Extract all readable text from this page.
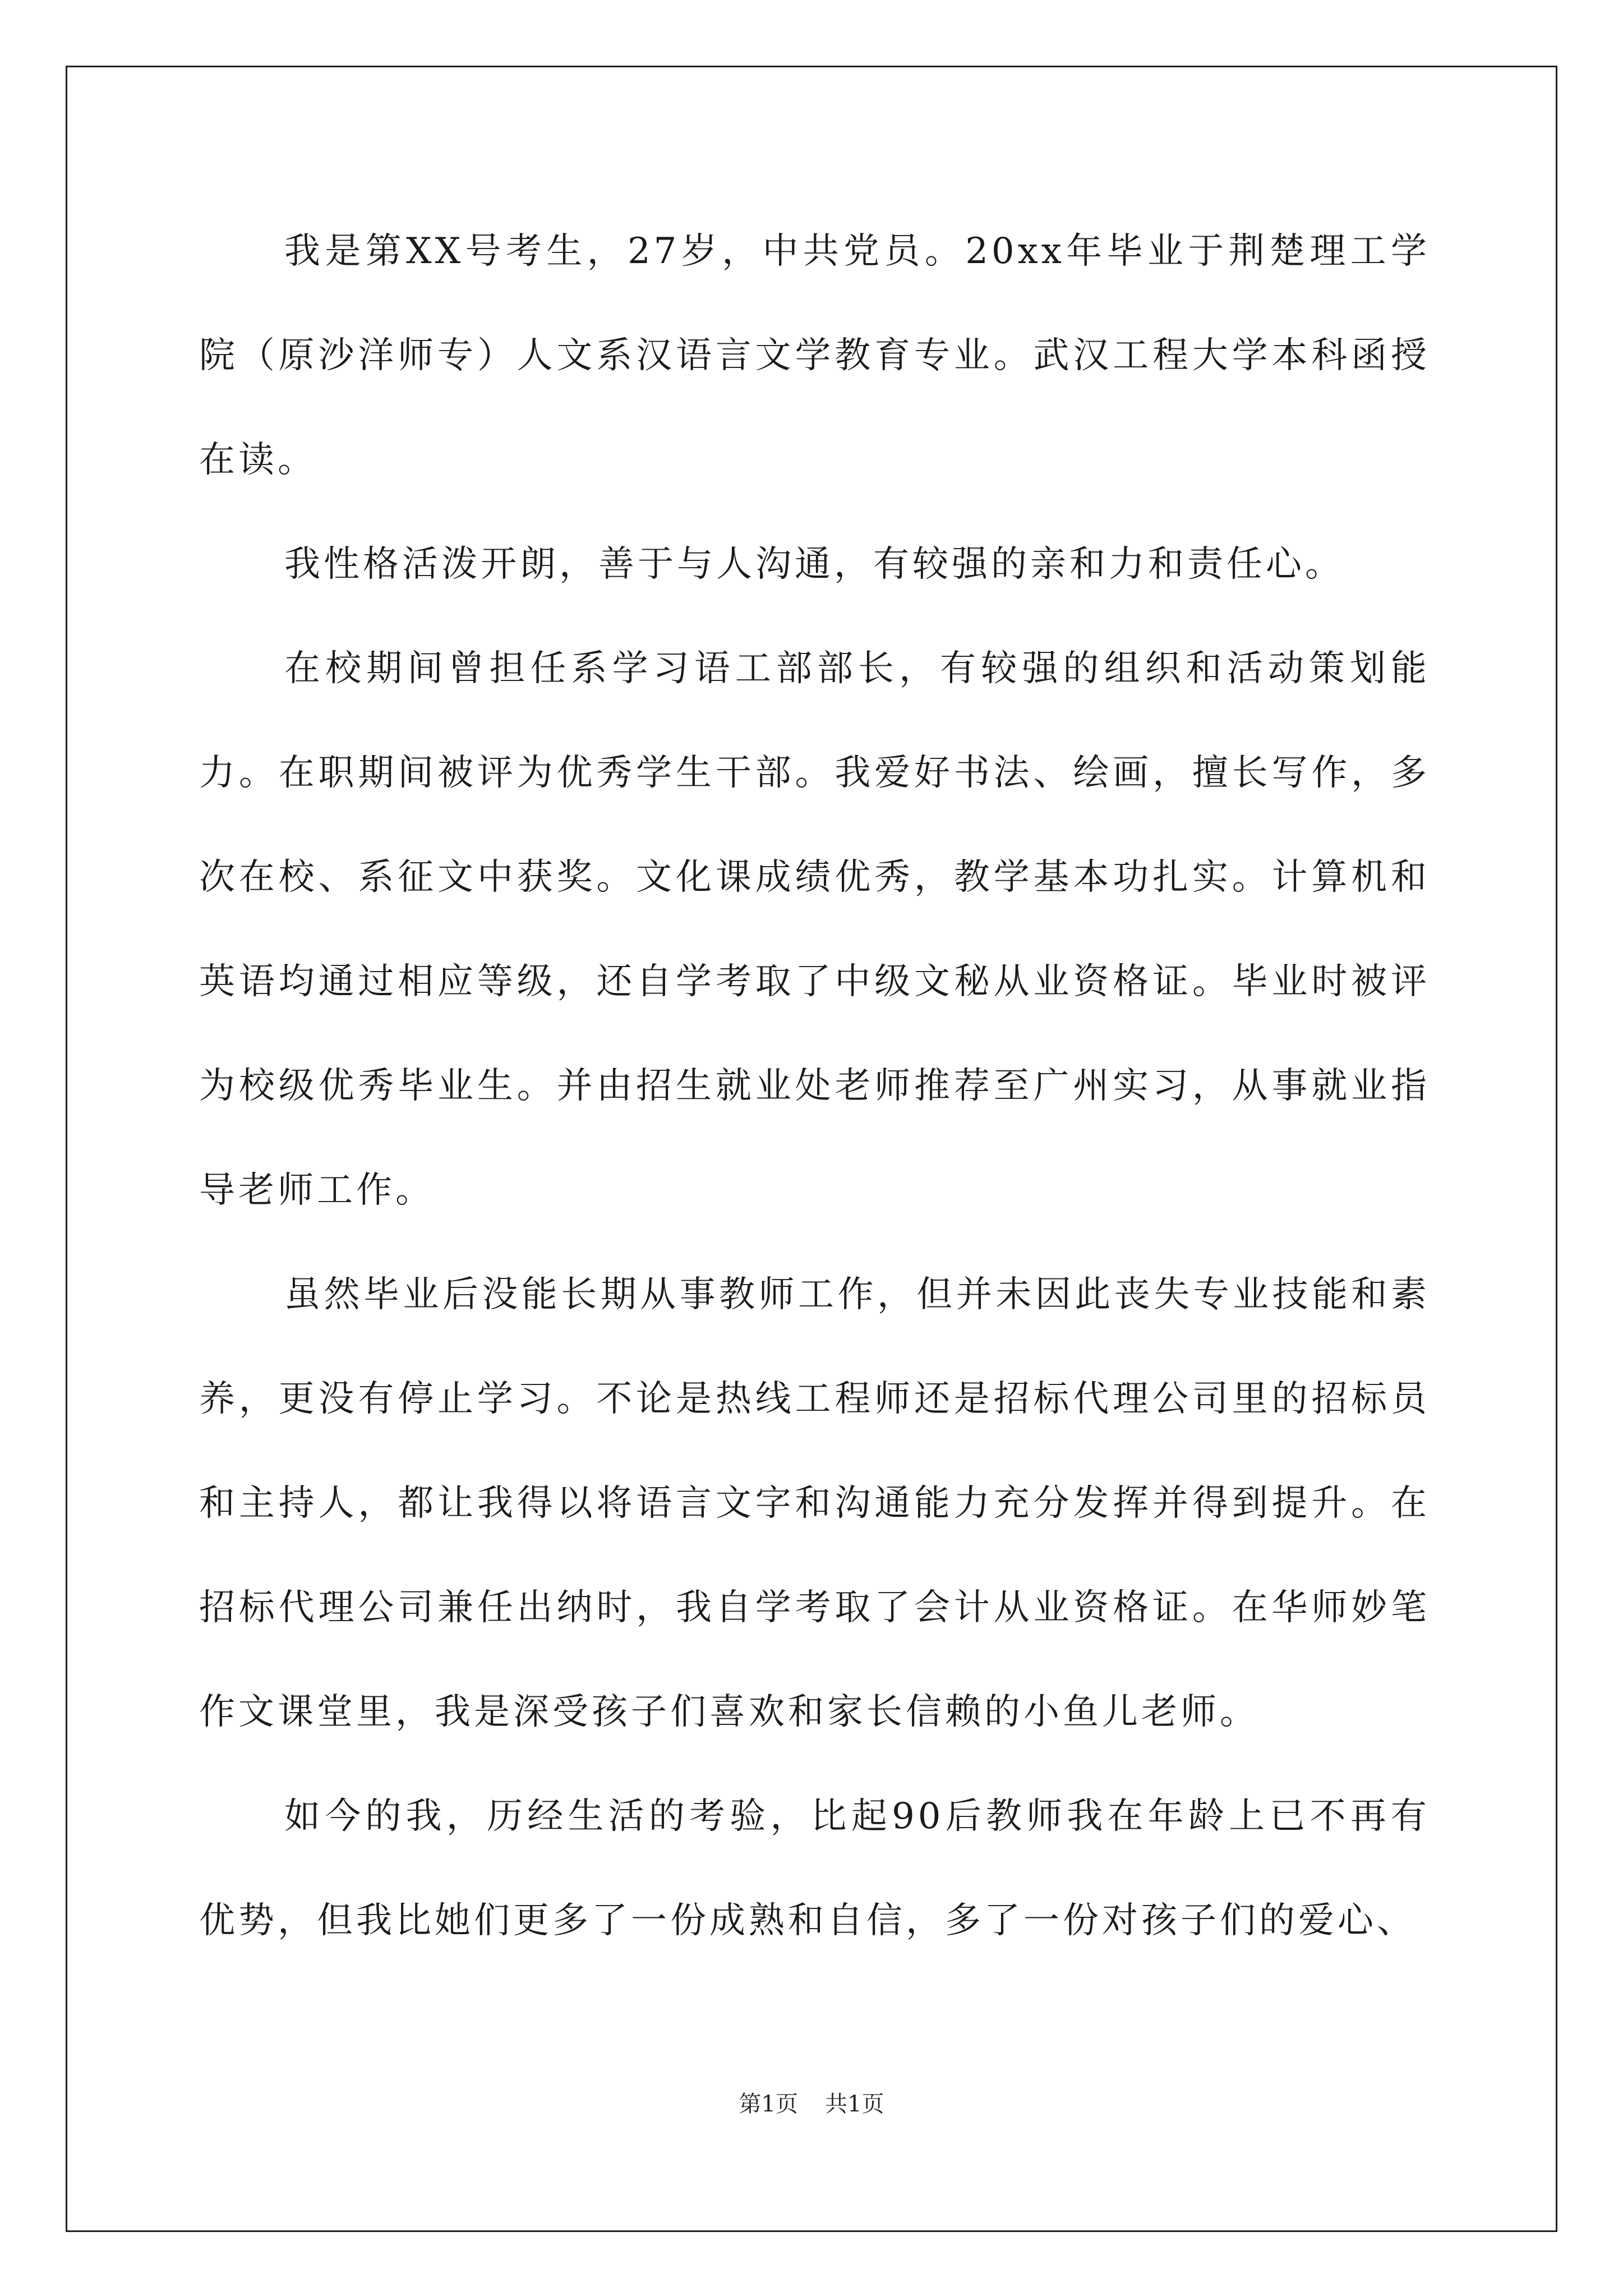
我是第XX号考生，27岁，中共党员。20xx年毕业于荆楚理工学院（原沙洋师专）人文系汉语言文学教育专业。武汉工程大学本科函授在读。

我性格活泼开朗，善于与人沟通，有较强的亲和力和责任心。

在校期间曾担任系学习语工部部长，有较强的组织和活动策划能力。在职期间被评为优秀学生干部。我爱好书法、绘画，擅长写作，多次在校、系征文中获奖。文化课成绩优秀，教学基本功扎实。计算机和英语均通过相应等级，还自学考取了中级文秘从业资格证。毕业时被评为校级优秀毕业生。并由招生就业处老师推荐至广州实习，从事就业指导老师工作。

虽然毕业后没能长期从事教师工作，但并未因此丧失专业技能和素养，更没有停止学习。不论是热线工程师还是招标代理公司里的招标员和主持人，都让我得以将语言文字和沟通能力充分发挥并得到提升。在招标代理公司兼任出纳时，我自学考取了会计从业资格证。在华师妙笔作文课堂里，我是深受孩子们喜欢和家长信赖的小鱼儿老师。

如今的我，历经生活的考验，比起90后教师我在年龄上已不再有优势，但我比她们更多了一份成熟和自信，多了一份对孩子们的爱心、

第1页 共1页
